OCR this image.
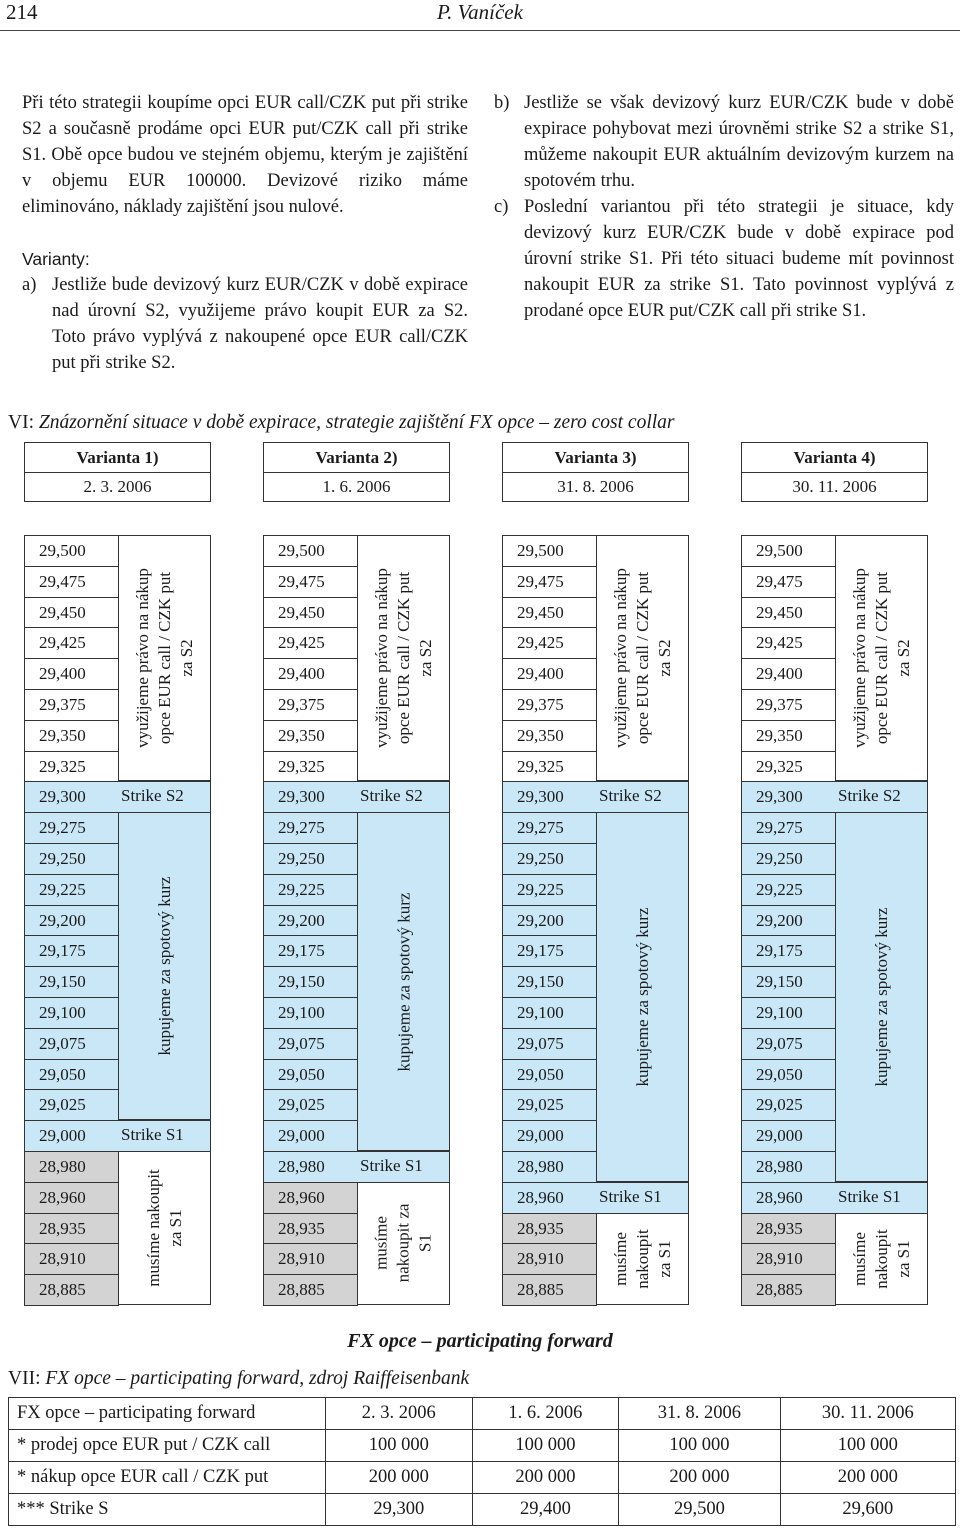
214	P. Vaníček

Při této strategii koupíme opci EUR call/CZK put při strike S2 a současně prodáme opci EUR put/CZK call při strike S1. Obě opce budou ve stejném objemu, kterým je zajištění v objemu EUR 100000. Devizové riziko máme eliminováno, náklady zajištění jsou nulové.

Varianty:

a) Jestliže bude devizový kurz EUR/CZK v době expirace nad úrovní S2, využijeme právo koupit EUR za S2. Toto právo vyplývá z nakoupené opce EUR call/CZK put při strike S2.
b) Jestliže se však devizový kurz EUR/CZK bude v době expirace pohybovat mezi úrovněmi strike S2 a strike S1, můžeme nakoupit EUR aktuálním devizovým kurzem na spotovém trhu.
c) Poslední variantou při této strategii je situace, kdy devizový kurz EUR/CZK bude v době expirace pod úrovní strike S1. Při této situaci budeme mít povinnost nakoupit EUR za strike S1. Tato povinnost vyplývá z prodané opce EUR put/CZK call při strike S1.
VI: Znázornění situace v době expirace, strategie zajištění FX opce – zero cost collar
Varianta 1)
2. 3. 2006
využijeme právo na nákup
opce EUR call / CZK put
za S2
kupujeme za spotový kurz
musíme nakoupit
za S1
29,500
29,475
29,450
29,425
29,400
29,375
29,350
29,325
29,300
29,275
29,250
29,225
29,200
29,175
29,150
29,100
29,075
29,050
29,025
29,000
28,980
28,960
28,935
28,910
28,885
Strike S2
Strike S1
Varianta 2)
1. 6. 2006
využijeme právo na nákup
opce EUR call / CZK put
za S2
kupujeme za spotový kurz
musíme
nakoupit za
S1
29,500
29,475
29,450
29,425
29,400
29,375
29,350
29,325
29,300
29,275
29,250
29,225
29,200
29,175
29,150
29,100
29,075
29,050
29,025
29,000
28,980
28,960
28,935
28,910
28,885
Strike S2
Strike S1
Varianta 3)
31. 8. 2006
využijeme právo na nákup
opce EUR call / CZK put
za S2
kupujeme za spotový kurz
musíme
nakoupit
za S1
29,500
29,475
29,450
29,425
29,400
29,375
29,350
29,325
29,300
29,275
29,250
29,225
29,200
29,175
29,150
29,100
29,075
29,050
29,025
29,000
28,980
28,960
28,935
28,910
28,885
Strike S2
Strike S1
Varianta 4)
30. 11. 2006
využijeme právo na nákup
opce EUR call / CZK put
za S2
kupujeme za spotový kurz
musíme
nakoupit
za S1
29,500
29,475
29,450
29,425
29,400
29,375
29,350
29,325
29,300
29,275
29,250
29,225
29,200
29,175
29,150
29,100
29,075
29,050
29,025
29,000
28,980
28,960
28,935
28,910
28,885
Strike S2
Strike S1
FX opce – participating forward
VII: FX opce – participating forward, zdroj Raiffeisenbank
FX opce – participating forward	2. 3. 2006	1. 6. 2006	31. 8. 2006	30. 11. 2006
* prodej opce EUR put / CZK call	100 000	100 000	100 000	100 000
* nákup opce EUR call / CZK put	200 000	200 000	200 000	200 000
*** Strike S	29,300	29,400	29,500	29,600
